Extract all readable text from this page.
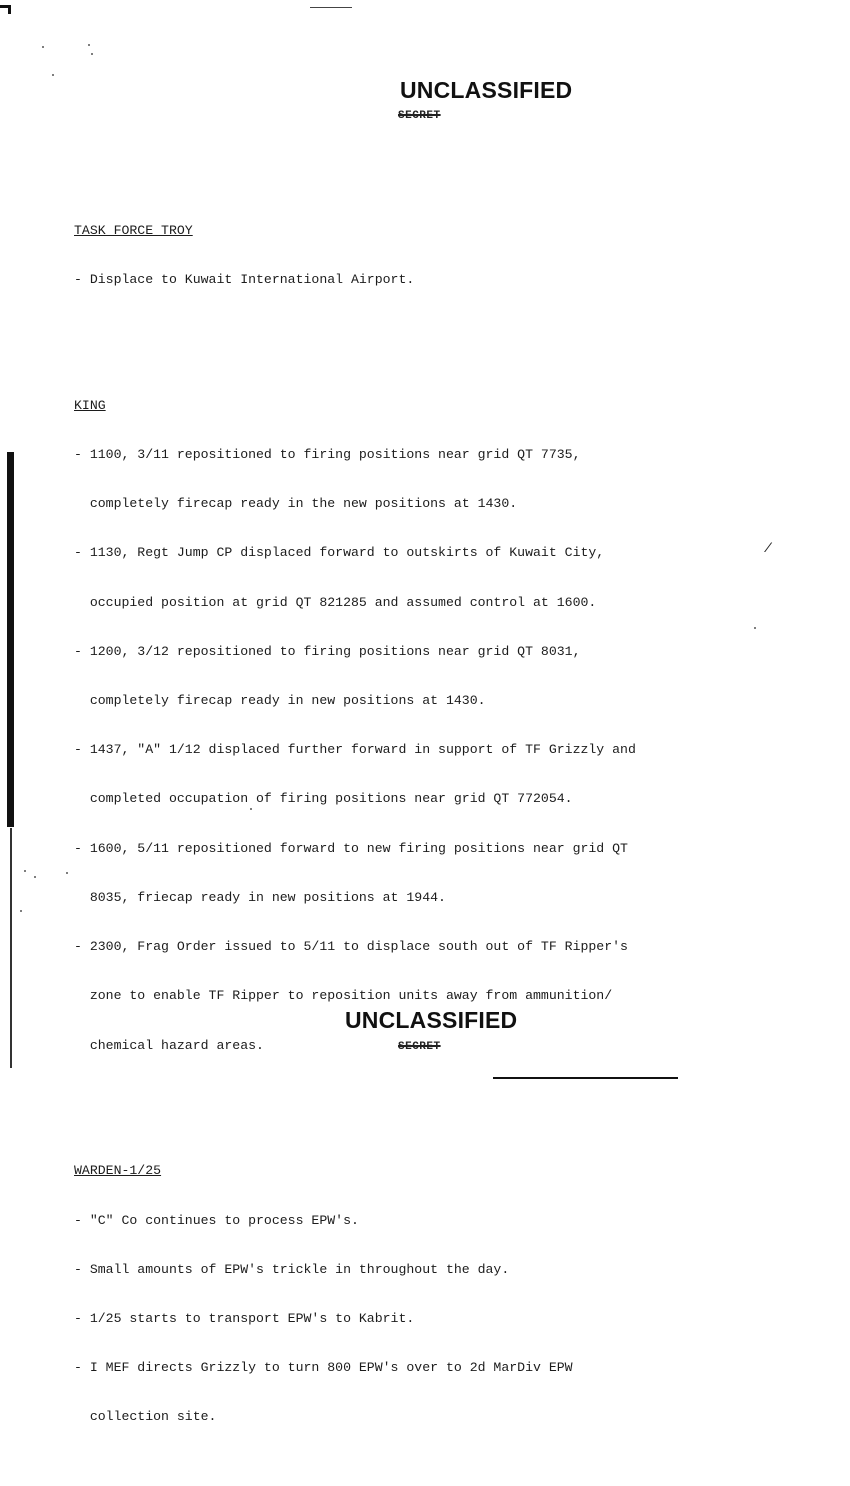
UNCLASSIFIED
SECRET

TASK FORCE TROY

- Displace to Kuwait International Airport.

KING

- 1100, 3/11 repositioned to firing positions near grid QT 7735,

completely firecap ready in the new positions at 1430.

- 1130, Regt Jump CP displaced forward to outskirts of Kuwait City,

occupied position at grid QT 821285 and assumed control at 1600.

- 1200, 3/12 repositioned to firing positions near grid QT 8031,

completely firecap ready in new positions at 1430.

- 1437, "A" 1/12 displaced further forward in support of TF Grizzly and

completed occupation of firing positions near grid QT 772054.

- 1600, 5/11 repositioned forward to new firing positions near grid QT

8035, friecap ready in new positions at 1944.

- 2300, Frag Order issued to 5/11 to displace south out of TF Ripper's

zone to enable TF Ripper to reposition units away from ammunition/

chemical hazard areas.

WARDEN-1/25

- "C" Co continues to process EPW's.

- Small amounts of EPW's trickle in throughout the day.

- 1/25 starts to transport EPW's to Kabrit.

- I MEF directs Grizzly to turn 800 EPW's over to 2d MarDiv EPW

collection site.

/
UNCLASSIFIED
SECRET
